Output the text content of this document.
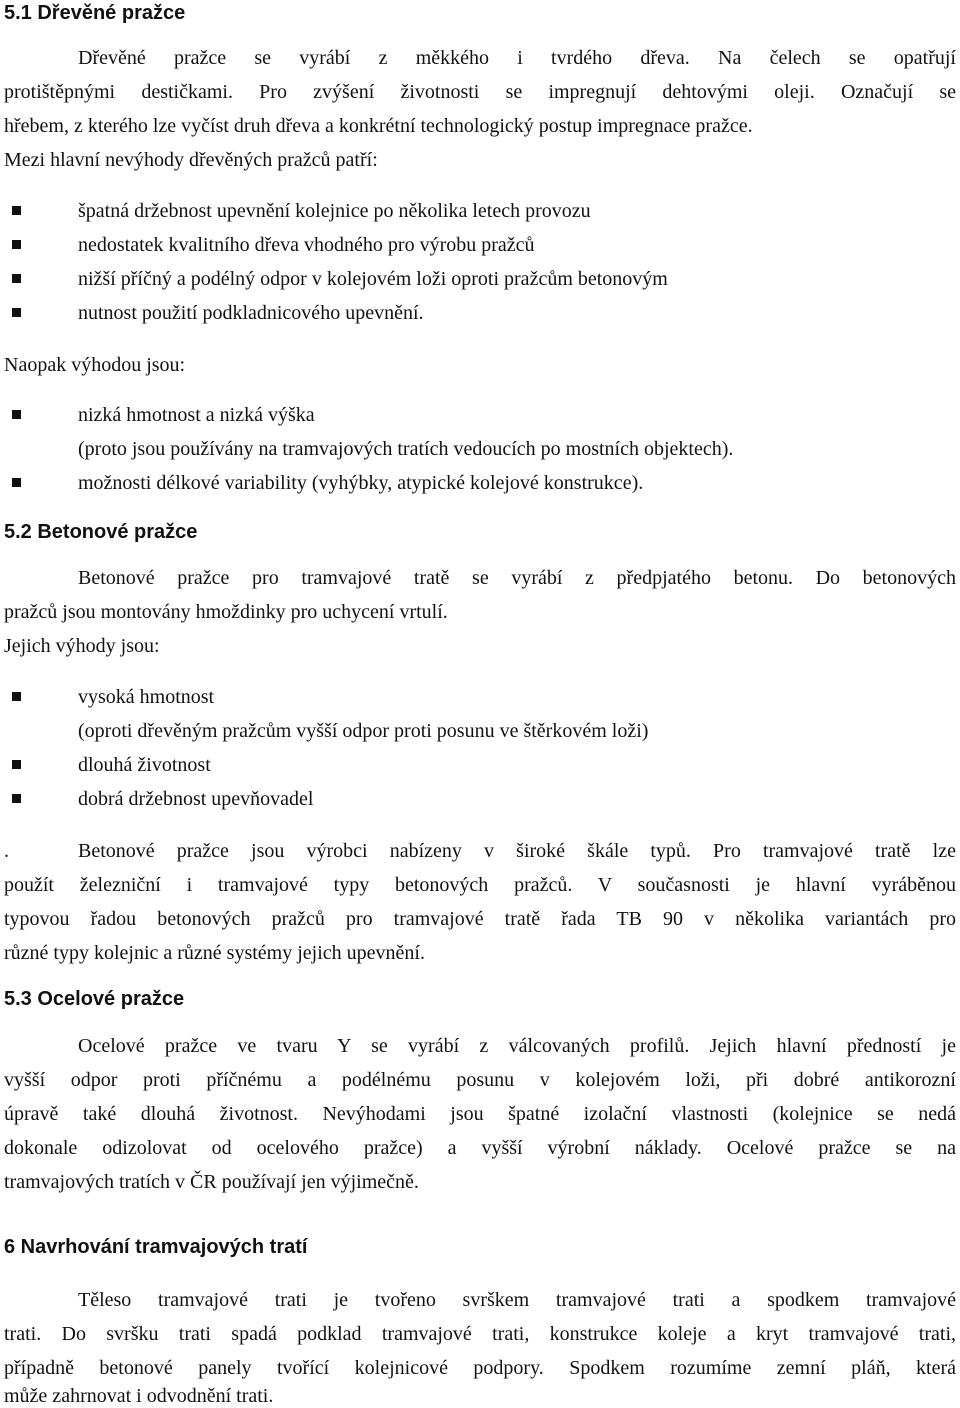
5.1 Dřevěné pražce
Dřevěné pražce se vyrábí z měkkého i tvrdého dřeva. Na čelech se opatřují
protištěpnými destičkami. Pro zvýšení životnosti se impregnují dehtovými oleji. Označují se
hřebem, z kterého lze vyčíst druh dřeva a konkrétní technologický postup impregnace pražce.
Mezi hlavní nevýhody dřevěných pražců patří:
špatná držebnost upevnění kolejnice po několika letech provozu
nedostatek kvalitního dřeva vhodného pro výrobu pražců
nižší příčný a podélný odpor v kolejovém loži oproti pražcům betonovým
nutnost použití podkladnicového upevnění.
Naopak výhodou jsou:
nizká hmotnost a nizká výška
(proto jsou používány na tramvajových tratích vedoucích po mostních objektech).
možnosti délkové variability (vyhýbky, atypické kolejové konstrukce).
5.2 Betonové pražce
Betonové pražce pro tramvajové tratě se vyrábí z předpjatého betonu. Do betonových
pražců jsou montovány hmoždinky pro uchycení vrtulí.
Jejich výhody jsou:
vysoká hmotnost
(oproti dřevěným pražcům vyšší odpor proti posunu ve štěrkovém loži)
dlouhá životnost
dobrá držebnost upevňovadel
.	Betonové pražce jsou výrobci nabízeny v široké škále typů. Pro tramvajové tratě lze
použít železniční i tramvajové typy betonových pražců. V současnosti je hlavní vyráběnou
typovou řadou betonových pražců pro tramvajové tratě řada TB 90 v několika variantách pro
různé typy kolejnic a různé systémy jejich upevnění.
5.3 Ocelové pražce
Ocelové pražce ve tvaru Y se vyrábí z válcovaných profilů. Jejich hlavní předností je
vyšší odpor proti příčnému a podélnému posunu v kolejovém loži, při dobré antikorozní
úpravě také dlouhá životnost. Nevýhodami jsou špatné izolační vlastnosti (kolejnice se nedá
dokonale odizolovat od ocelového pražce) a vyšší výrobní náklady. Ocelové pražce se na
tramvajových tratích v ČR používají jen výjimečně.
6 Navrhování tramvajových tratí
Těleso tramvajové trati je tvořeno svrškem tramvajové trati a spodkem tramvajové
trati. Do svršku trati spadá podklad tramvajové trati, konstrukce koleje a kryt tramvajové trati,
případně betonové panely tvořící kolejnicové podpory. Spodkem rozumíme zemní pláň, která
může zahrnovat i odvodnění trati.
